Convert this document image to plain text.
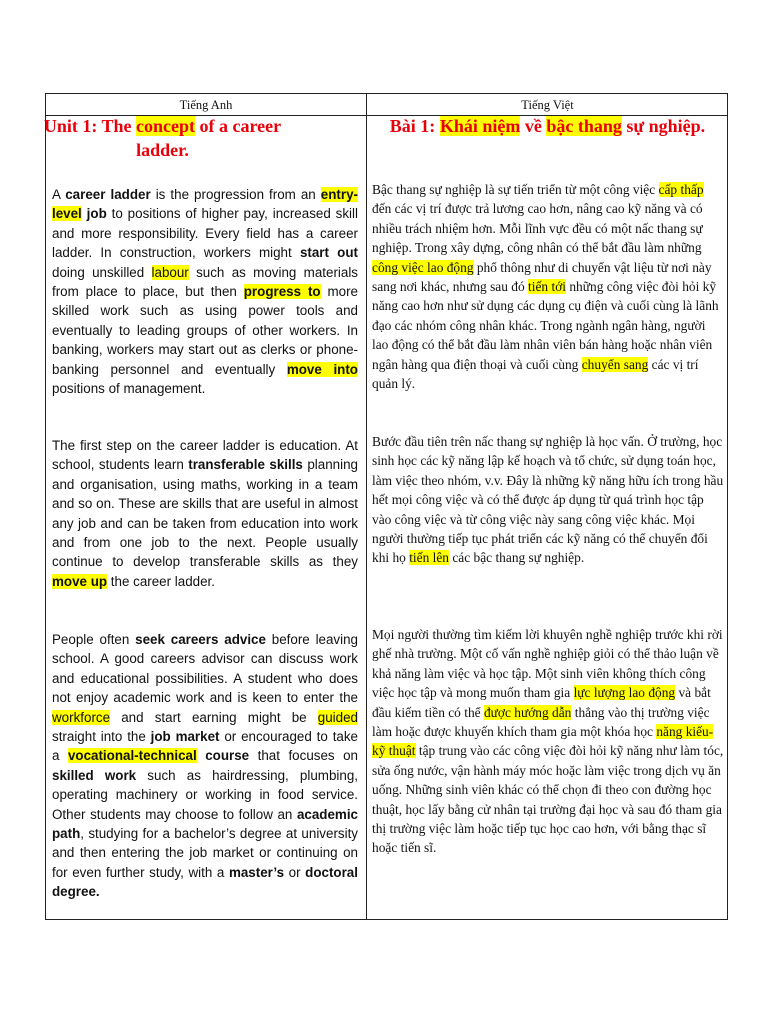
Tiếng Anh	Tiếng Việt
Unit 1: The concept of a career ladder.
Bài 1: Khái niệm về bậc thang sự nghiệp.
A career ladder is the progression from an entry-level job to positions of higher pay, increased skill and more responsibility. Every field has a career ladder. In construction, workers might start out doing unskilled labour such as moving materials from place to place, but then progress to more skilled work such as using power tools and eventually to leading groups of other workers. In banking, workers may start out as clerks or phone-banking personnel and eventually move into positions of management.
The first step on the career ladder is education. At school, students learn transferable skills planning and organisation, using maths, working in a team and so on. These are skills that are useful in almost any job and can be taken from education into work and from one job to the next. People usually continue to develop transferable skills as they move up the career ladder.
People often seek careers advice before leaving school. A good careers advisor can discuss work and educational possibilities. A student who does not enjoy academic work and is keen to enter the workforce and start earning might be guided straight into the job market or encouraged to take a vocational-technical course that focuses on skilled work such as hairdressing, plumbing, operating machinery or working in food service. Other students may choose to follow an academic path, studying for a bachelor’s degree at university and then entering the job market or continuing on for even further study, with a master’s or doctoral degree.
Bậc thang sự nghiệp là sự tiến triển từ một công việc cấp thấp đến các vị trí được trả lương cao hơn, nâng cao kỹ năng và có nhiều trách nhiệm hơn. Mỗi lĩnh vực đều có một nấc thang sự nghiệp. Trong xây dựng, công nhân có thể bắt đầu làm những công việc lao động phổ thông như di chuyển vật liệu từ nơi này sang nơi khác, nhưng sau đó tiến tới những công việc đòi hỏi kỹ năng cao hơn như sử dụng các dụng cụ điện và cuối cùng là lãnh đạo các nhóm công nhân khác. Trong ngành ngân hàng, người lao động có thể bắt đầu làm nhân viên bán hàng hoặc nhân viên ngân hàng qua điện thoại và cuối cùng chuyển sang các vị trí quản lý.
Bước đầu tiên trên nấc thang sự nghiệp là học vấn. Ở trường, học sinh học các kỹ năng lập kế hoạch và tổ chức, sử dụng toán học, làm việc theo nhóm, v.v. Đây là những kỹ năng hữu ích trong hầu hết mọi công việc và có thể được áp dụng từ quá trình học tập vào công việc và từ công việc này sang công việc khác. Mọi người thường tiếp tục phát triển các kỹ năng có thể chuyển đổi khi họ tiến lên các bậc thang sự nghiệp.
Mọi người thường tìm kiếm lời khuyên nghề nghiệp trước khi rời ghế nhà trường. Một cố vấn nghề nghiệp giỏi có thể thảo luận về khả năng làm việc và học tập. Một sinh viên không thích công việc học tập và mong muốn tham gia lực lượng lao động và bắt đầu kiếm tiền có thể được hướng dẫn thẳng vào thị trường việc làm hoặc được khuyến khích tham gia một khóa học năng kiếu- kỹ thuật tập trung vào các công việc đòi hỏi kỹ năng như làm tóc, sửa ống nước, vận hành máy móc hoặc làm việc trong dịch vụ ăn uống. Những sinh viên khác có thể chọn đi theo con đường học thuật, học lấy bằng cử nhân tại trường đại học và sau đó tham gia thị trường việc làm hoặc tiếp tục học cao hơn, với bằng thạc sĩ hoặc tiến sĩ.
